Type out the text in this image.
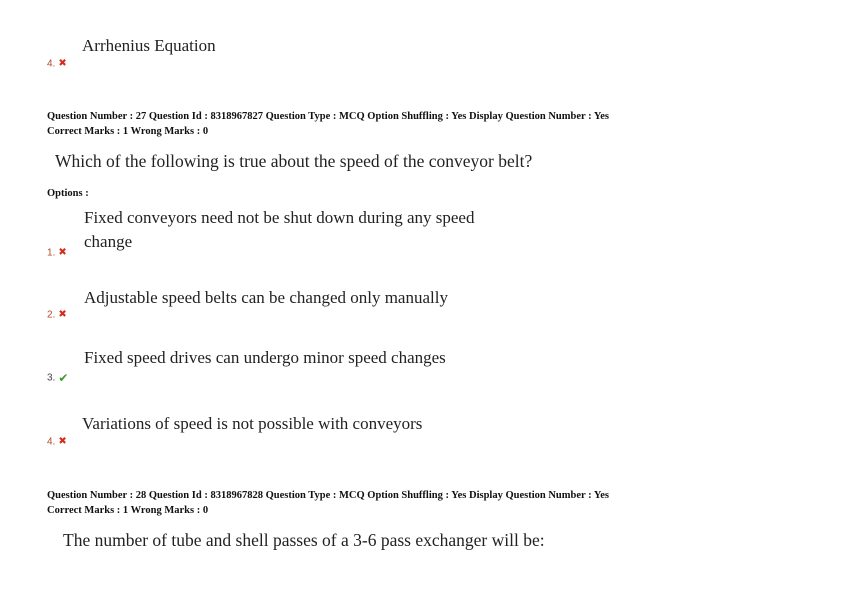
Arrhenius Equation
4. ✖
Question Number : 27 Question Id : 8318967827 Question Type : MCQ Option Shuffling : Yes Display Question Number : Yes
Correct Marks : 1 Wrong Marks : 0
Which of the following is true about the speed of the conveyor belt?
Options :
Fixed conveyors need not be shut down during any speed
change
1. ✖
Adjustable speed belts can be changed only manually
2. ✖
Fixed speed drives can undergo minor speed changes
3. ✔
Variations of speed is not possible with conveyors
4. ✖
Question Number : 28 Question Id : 8318967828 Question Type : MCQ Option Shuffling : Yes Display Question Number : Yes
Correct Marks : 1 Wrong Marks : 0
The number of tube and shell passes of a 3-6 pass exchanger will be:
